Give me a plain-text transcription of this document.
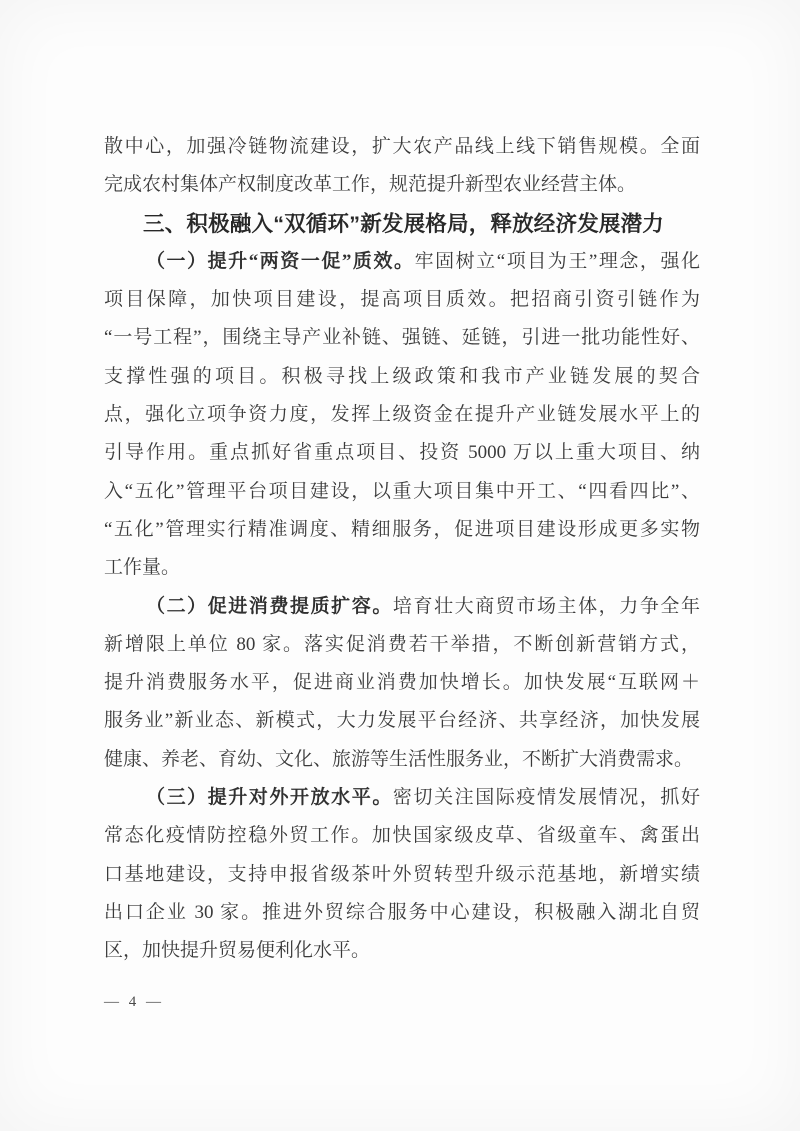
散中心，加强冷链物流建设，扩大农产品线上线下销售规模。全面
完成农村集体产权制度改革工作，规范提升新型农业经营主体。
三、积极融入“双循环”新发展格局，释放经济发展潜力
（一）提升“两资一促”质效。牢固树立“项目为王”理念，强化
项目保障，加快项目建设，提高项目质效。把招商引资引链作为
“一号工程”，围绕主导产业补链、强链、延链，引进一批功能性好、
支撑性强的项目。积极寻找上级政策和我市产业链发展的契合
点，强化立项争资力度，发挥上级资金在提升产业链发展水平上的
引导作用。重点抓好省重点项目、投资 5000 万以上重大项目、纳
入“五化”管理平台项目建设，以重大项目集中开工、“四看四比”、
“五化”管理实行精准调度、精细服务，促进项目建设形成更多实物
工作量。
（二）促进消费提质扩容。培育壮大商贸市场主体，力争全年
新增限上单位 80 家。落实促消费若干举措，不断创新营销方式，
提升消费服务水平，促进商业消费加快增长。加快发展“互联网＋
服务业”新业态、新模式，大力发展平台经济、共享经济，加快发展
健康、养老、育幼、文化、旅游等生活性服务业，不断扩大消费需求。
（三）提升对外开放水平。密切关注国际疫情发展情况，抓好
常态化疫情防控稳外贸工作。加快国家级皮草、省级童车、禽蛋出
口基地建设，支持申报省级茶叶外贸转型升级示范基地，新增实绩
出口企业 30 家。推进外贸综合服务中心建设，积极融入湖北自贸
区，加快提升贸易便利化水平。
— 4 —
